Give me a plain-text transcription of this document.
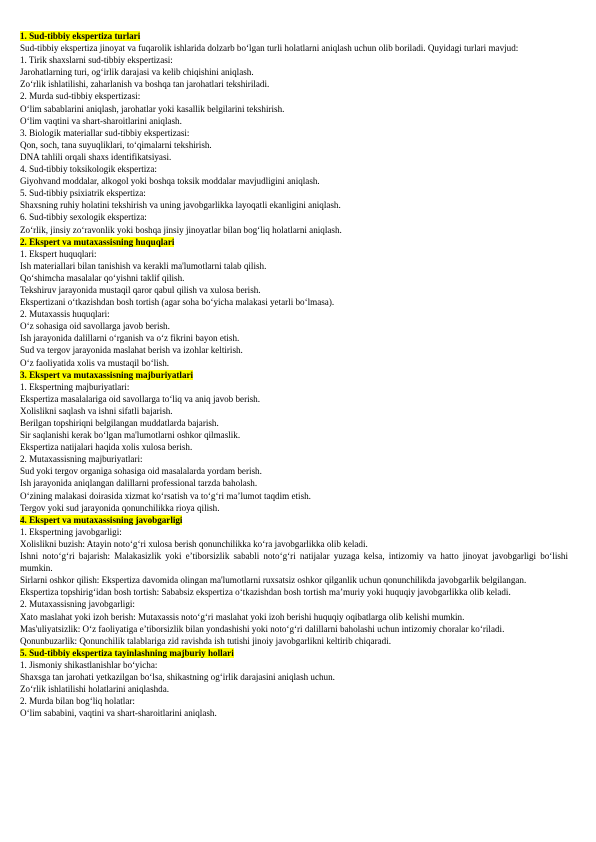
1. Sud-tibbiy ekspertiza turlari

Sud-tibbiy ekspertiza jinoyat va fuqarolik ishlarida dolzarb bo‘lgan turli holatlarni aniqlash uchun olib boriladi. Quyidagi turlari mavjud:

1. Tirik shaxslarni sud-tibbiy ekspertizasi:

Jarohatlarning turi, og‘irlik darajasi va kelib chiqishini aniqlash.

Zo‘rlik ishlatilishi, zaharlanish va boshqa tan jarohatlari tekshiriladi.

2. Murda sud-tibbiy ekspertizasi:

O‘lim sabablarini aniqlash, jarohatlar yoki kasallik belgilarini tekshirish.

O‘lim vaqtini va shart-sharoitlarini aniqlash.

3. Biologik materiallar sud-tibbiy ekspertizasi:

Qon, soch, tana suyuqliklari, to‘qimalarni tekshirish.

DNA tahlili orqali shaxs identifikatsiyasi.

4. Sud-tibbiy toksikologik ekspertiza:

Giyohvand moddalar, alkogol yoki boshqa toksik moddalar mavjudligini aniqlash.

5. Sud-tibbiy psixiatrik ekspertiza:

Shaxsning ruhiy holatini tekshirish va uning javobgarlikka layoqatli ekanligini aniqlash.

6. Sud-tibbiy sexologik ekspertiza:

Zo‘rlik, jinsiy zo‘ravonlik yoki boshqa jinsiy jinoyatlar bilan bog‘liq holatlarni aniqlash.

2. Ekspert va mutaxassisning huquqlari

1. Ekspert huquqlari:

Ish materiallari bilan tanishish va kerakli ma'lumotlarni talab qilish.

Qo‘shimcha masalalar qo‘yishni taklif qilish.

Tekshiruv jarayonida mustaqil qaror qabul qilish va xulosa berish.

Ekspertizani o‘tkazishdan bosh tortish (agar soha bo‘yicha malakasi yetarli bo‘lmasa).

2. Mutaxassis huquqlari:

O‘z sohasiga oid savollarga javob berish.

Ish jarayonida dalillarni o‘rganish va o‘z fikrini bayon etish.

Sud va tergov jarayonida maslahat berish va izohlar keltirish.

O‘z faoliyatida xolis va mustaqil bo‘lish.

3. Ekspert va mutaxassisning majburiyatlari

1. Ekspertning majburiyatlari:

Ekspertiza masalalariga oid savollarga to‘liq va aniq javob berish.

Xolislikni saqlash va ishni sifatli bajarish.

Berilgan topshiriqni belgilangan muddatlarda bajarish.

Sir saqlanishi kerak bo‘lgan ma'lumotlarni oshkor qilmaslik.

Ekspertiza natijalari haqida xolis xulosa berish.

2. Mutaxassisning majburiyatlari:

Sud yoki tergov organiga sohasiga oid masalalarda yordam berish.

Ish jarayonida aniqlangan dalillarni professional tarzda baholash.

O‘zining malakasi doirasida xizmat ko‘rsatish va to‘g‘ri ma’lumot taqdim etish.

Tergov yoki sud jarayonida qonunchilikka rioya qilish.

4. Ekspert va mutaxassisning javobgarligi

1. Ekspertning javobgarligi:

Xolislikni buzish: Atayin noto‘g‘ri xulosa berish qonunchilikka ko‘ra javobgarlikka olib keladi.

Ishni noto‘g‘ri bajarish: Malakasizlik yoki e’tiborsizlik sababli noto‘g‘ri natijalar yuzaga kelsa, intizomiy va hatto jinoyat javobgarligi bo‘lishi mumkin.

Sirlarni oshkor qilish: Ekspertiza davomida olingan ma'lumotlarni ruxsatsiz oshkor qilganlik uchun qonunchilikda javobgarlik belgilangan.

Ekspertiza topshirig‘idan bosh tortish: Sababsiz ekspertiza o‘tkazishdan bosh tortish ma’muriy yoki huquqiy javobgarlikka olib keladi.

2. Mutaxassisning javobgarligi:

Xato maslahat yoki izoh berish: Mutaxassis noto‘g‘ri maslahat yoki izoh berishi huquqiy oqibatlarga olib kelishi mumkin.

Mas'uliyatsizlik: O‘z faoliyatiga e’tiborsizlik bilan yondashishi yoki noto‘g‘ri dalillarni baholashi uchun intizomiy choralar ko‘riladi.

Qonunbuzarlik: Qonunchilik talablariga zid ravishda ish tutishi jinoiy javobgarlikni keltirib chiqaradi.

5. Sud-tibbiy ekspertiza tayinlashning majburiy hollari

1. Jismoniy shikastlanishlar bo‘yicha:

Shaxsga tan jarohati yetkazilgan bo‘lsa, shikastning og‘irlik darajasini aniqlash uchun.

Zo‘rlik ishlatilishi holatlarini aniqlashda.

2. Murda bilan bog‘liq holatlar:

O‘lim sababini, vaqtini va shart-sharoitlarini aniqlash.
